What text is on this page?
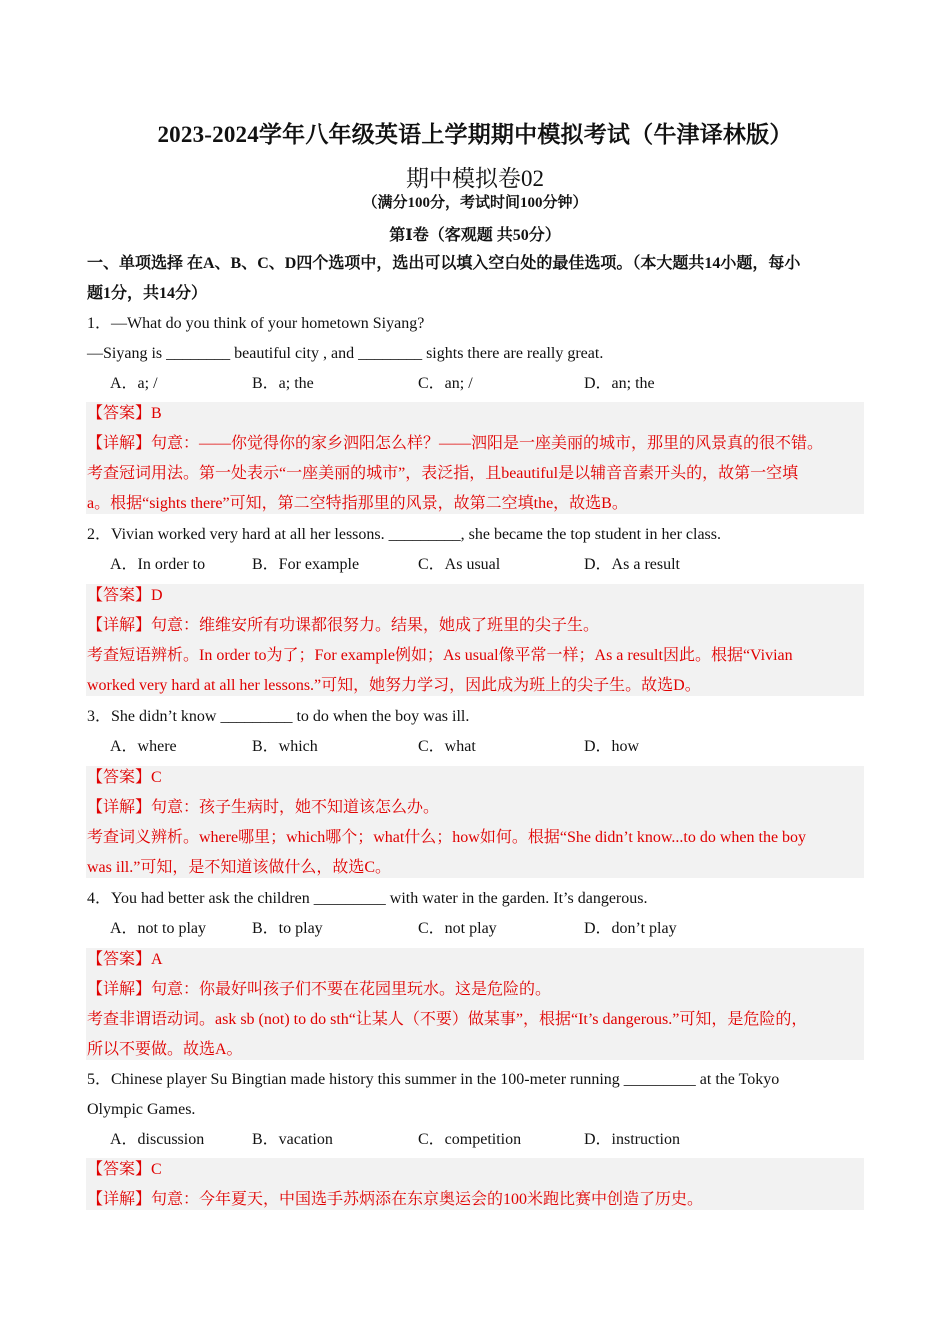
2023-2024学年八年级英语上学期期中模拟考试（牛津译林版）
期中模拟卷02
（满分100分，考试时间100分钟）
第Ⅰ卷（客观题 共50分）
一、单项选择 在A、B、C、D四个选项中，选出可以填入空白处的最佳选项。（本大题共14小题，每小
题1分，共14分）
1．—What do you think of your hometown Siyang?
—Siyang is ________ beautiful city , and ________ sights there are really great.
A．a; /	B．a; the	C．an; /	D．an; the
【答案】B
【详解】句意：——你觉得你的家乡泗阳怎么样？——泗阳是一座美丽的城市，那里的风景真的很不错。
考查冠词用法。第一处表示“一座美丽的城市”，表泛指，且beautiful是以辅音音素开头的，故第一空填
a。根据“sights there”可知，第二空特指那里的风景，故第二空填the，故选B。
2．Vivian worked very hard at all her lessons. _________, she became the top student in her class.
A．In order to	B．For example	C．As usual	D．As a result
【答案】D
【详解】句意：维维安所有功课都很努力。结果，她成了班里的尖子生。
考查短语辨析。In order to为了；For example例如；As usual像平常一样；As a result因此。根据“Vivian
worked very hard at all her lessons.”可知，她努力学习，因此成为班上的尖子生。故选D。
3．She didn’t know _________ to do when the boy was ill.
A．where	B．which	C．what	D．how
【答案】C
【详解】句意：孩子生病时，她不知道该怎么办。
考查词义辨析。where哪里；which哪个；what什么；how如何。根据“She didn’t know...to do when the boy
was ill.”可知，是不知道该做什么，故选C。
4．You had better ask the children _________ with water in the garden. It’s dangerous.
A．not to play	B．to play	C．not play	D．don’t play
【答案】A
【详解】句意：你最好叫孩子们不要在花园里玩水。这是危险的。
考查非谓语动词。ask sb (not) to do sth“让某人（不要）做某事”，根据“It’s dangerous.”可知，是危险的，
所以不要做。故选A。
5．Chinese player Su Bingtian made history this summer in the 100-meter running _________ at the Tokyo
Olympic Games.
A．discussion	B．vacation	C．competition	D．instruction
【答案】C
【详解】句意：今年夏天，中国选手苏炳添在东京奥运会的100米跑比赛中创造了历史。
